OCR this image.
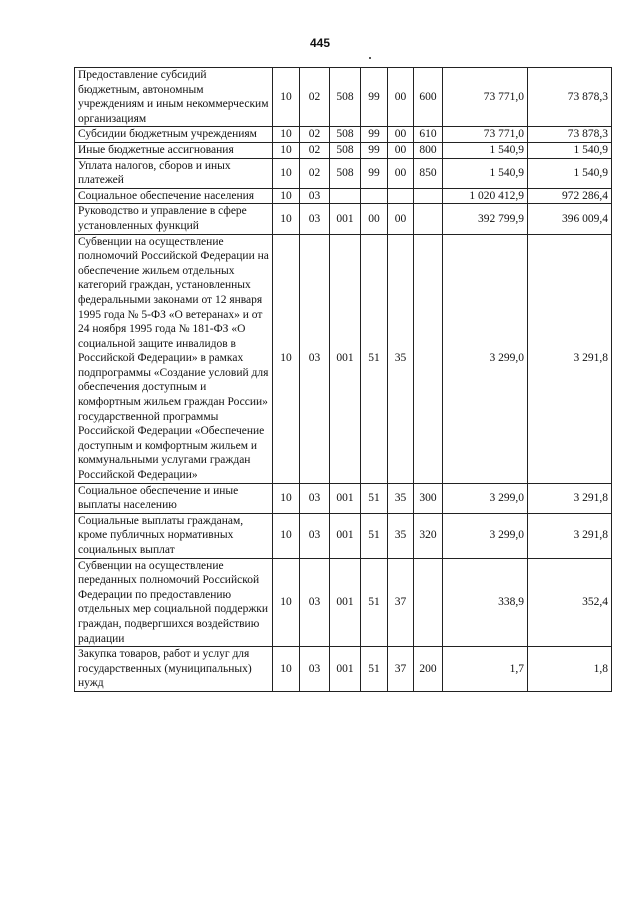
445
Предоставление субсидий бюджетным, автономным учреждениям и иным некоммерческим организациям	10	02	508	99	00	600	73 771,0	73 878,3
Субсидии бюджетным учреждениям	10	02	508	99	00	610	73 771,0	73 878,3
Иные бюджетные ассигнования	10	02	508	99	00	800	1 540,9	1 540,9
Уплата налогов, сборов и иных платежей	10	02	508	99	00	850	1 540,9	1 540,9
Социальное обеспечение населения	10	03					1 020 412,9	972 286,4
Руководство и управление в сфере установленных функций	10	03	001	00	00		392 799,9	396 009,4
Субвенции на осуществление полномочий Российской Федерации на обеспечение жильем отдельных категорий граждан, установленных федеральными законами от 12 января 1995 года № 5-ФЗ «О ветеранах» и от 24 ноября 1995 года № 181-ФЗ «О социальной защите инвалидов в Российской Федерации» в рамках подпрограммы «Создание условий для обеспечения доступным и комфортным жильем граждан России» государственной программы Российской Федерации «Обеспечение доступным и комфортным жильем и коммунальными услугами граждан Российской Федерации»	10	03	001	51	35		3 299,0	3 291,8
Социальное обеспечение и иные выплаты населению	10	03	001	51	35	300	3 299,0	3 291,8
Социальные выплаты гражданам, кроме публичных нормативных социальных выплат	10	03	001	51	35	320	3 299,0	3 291,8
Субвенции на осуществление переданных полномочий Российской Федерации по предоставлению отдельных мер социальной поддержки граждан, подвергшихся воздействию радиации	10	03	001	51	37		338,9	352,4
Закупка товаров, работ и услуг для государственных (муниципальных) нужд	10	03	001	51	37	200	1,7	1,8
